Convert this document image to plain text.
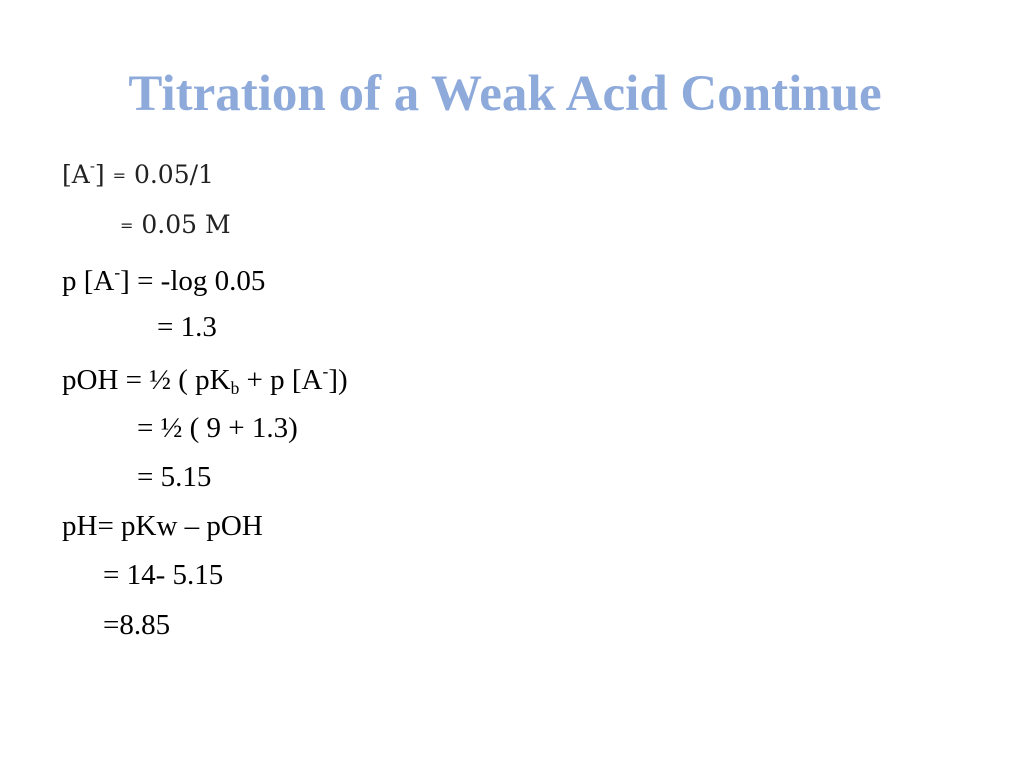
Titration of a Weak Acid Continue
[A-] = 0.05/1
= 0.05 M
p [A-] = -log 0.05
= 1.3
pOH = ½ ( $pK_b + p$ [A-])
= ½ ( 9 + 1.3)
= 5.15
pH= pKw – pOH
= 14- 5.15
=8.85
